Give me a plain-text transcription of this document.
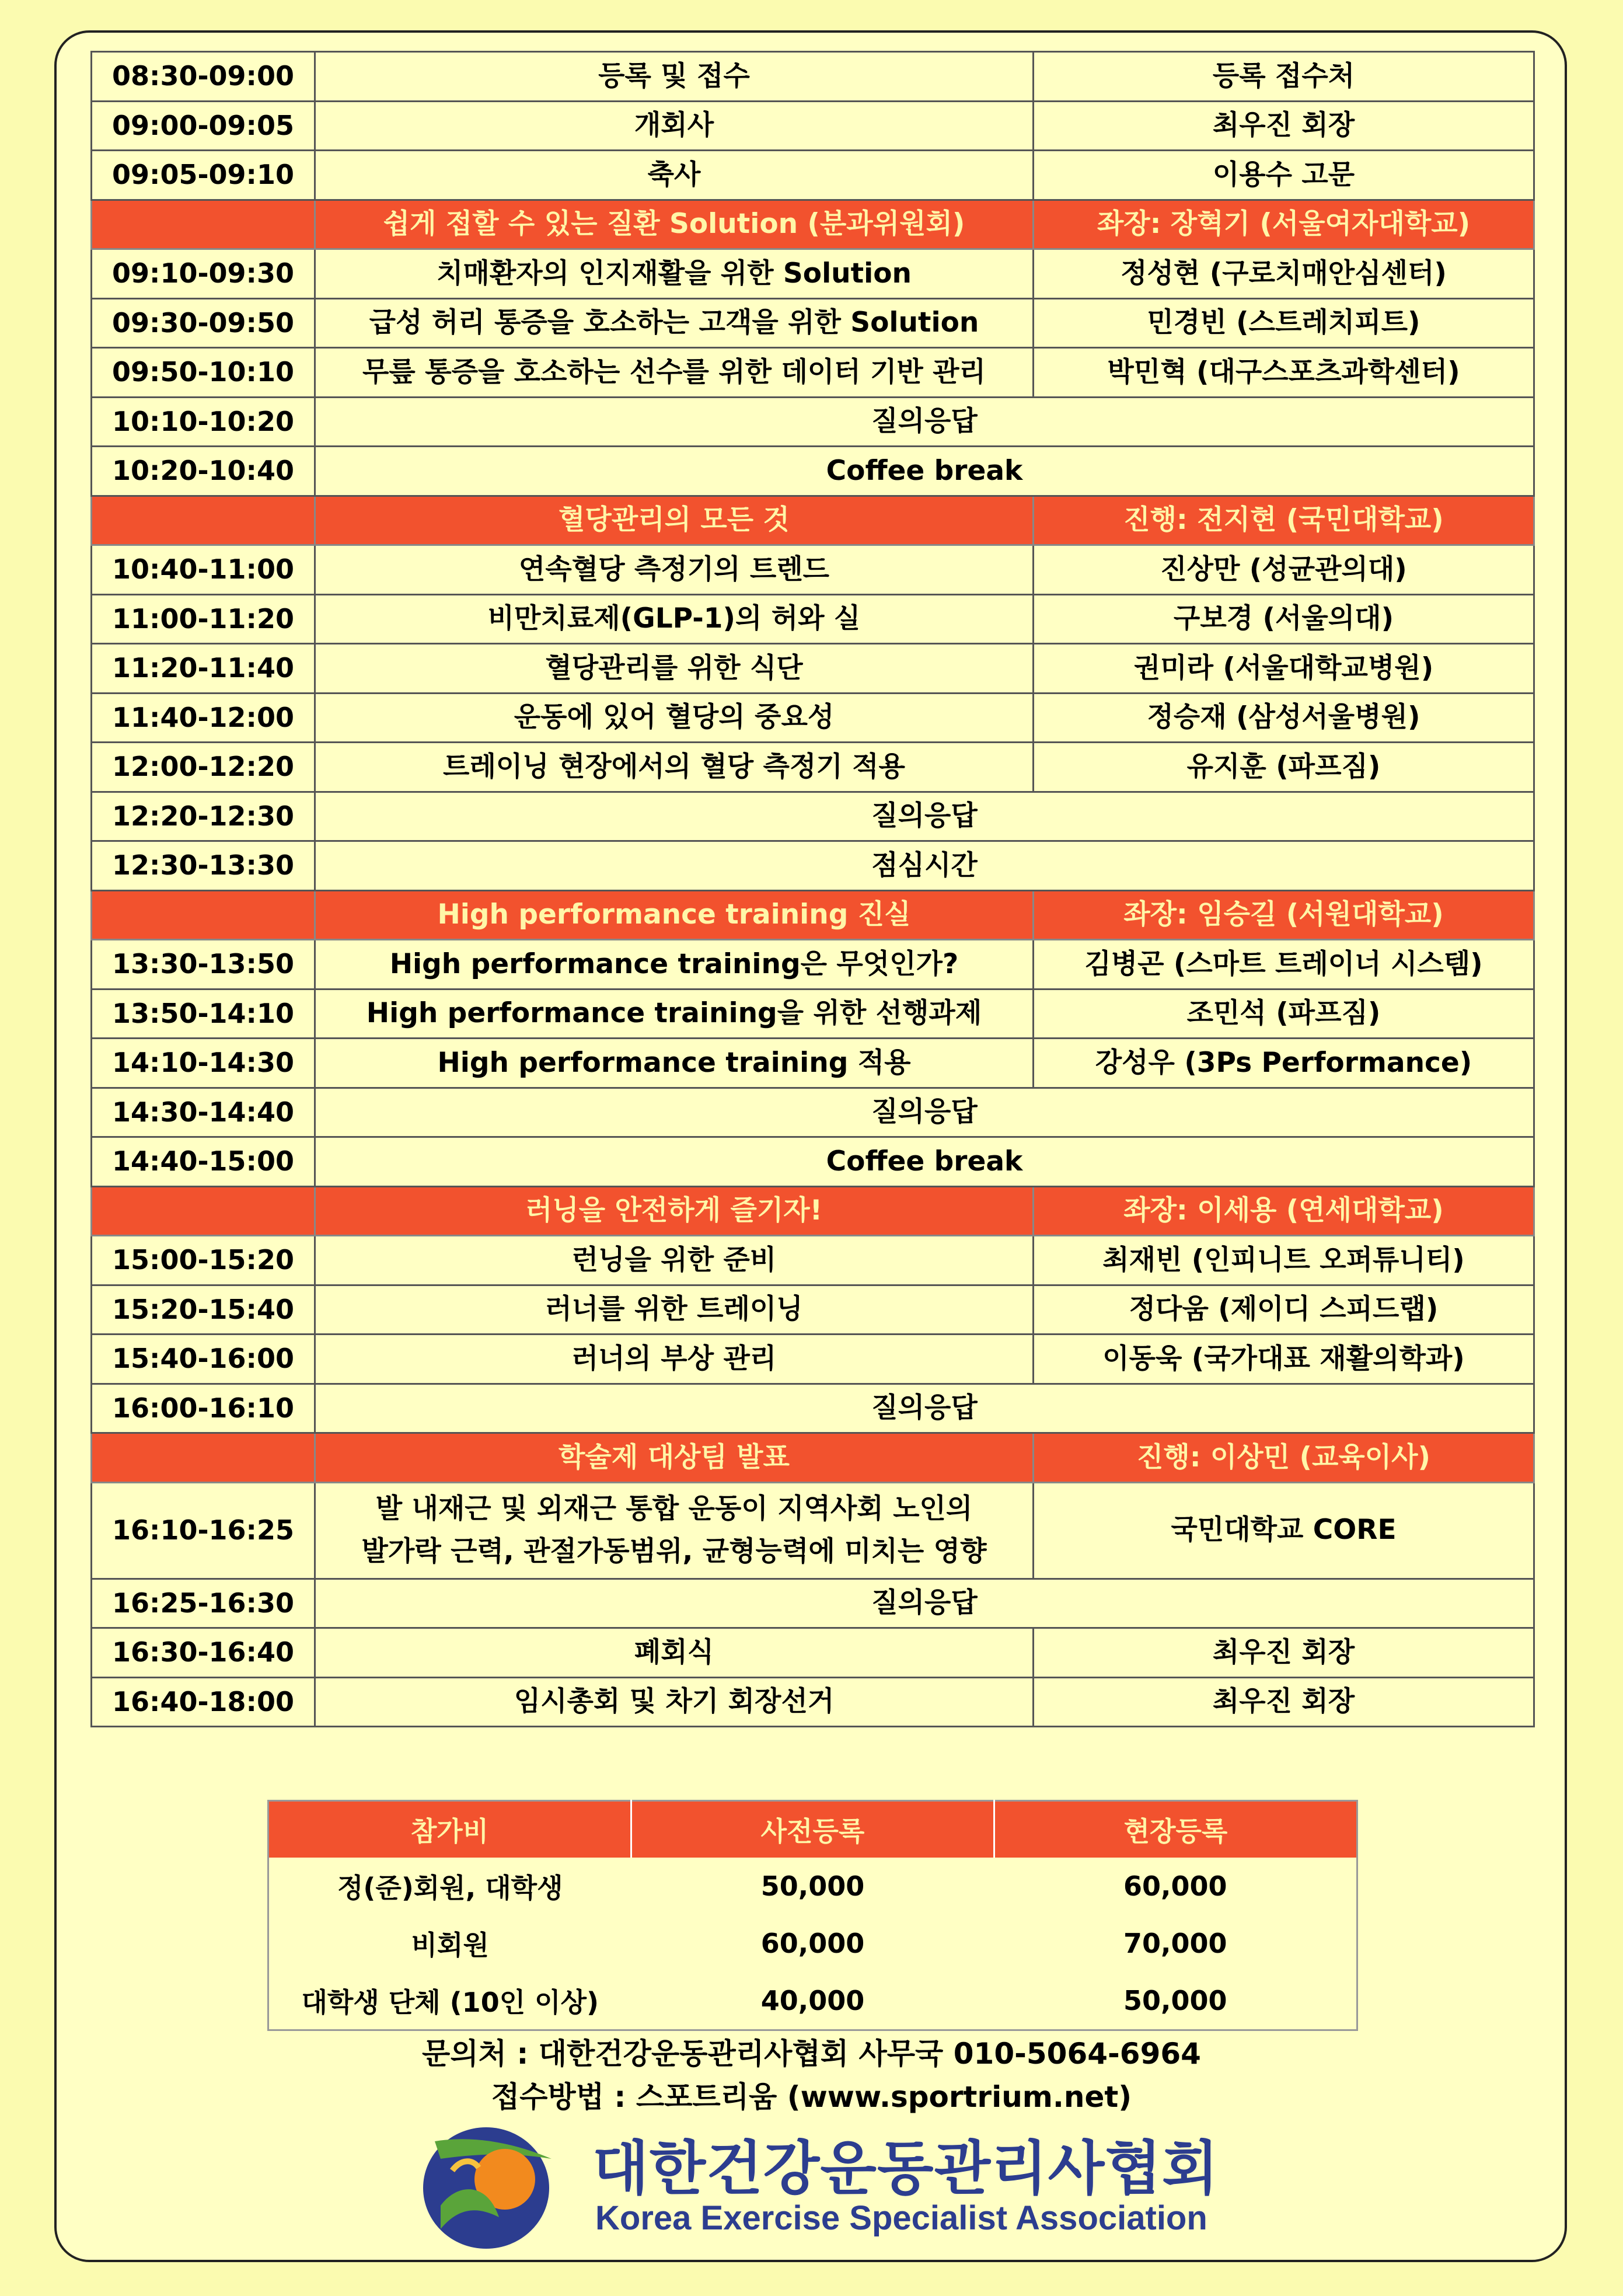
08:30-09:00	등록 및 접수	등록 접수처
09:00-09:05	개회사	최우진 회장
09:05-09:10	축사	이용수 고문
	쉽게 접할 수 있는 질환 Solution (분과위원회)	좌장: 장혁기 (서울여자대학교)
09:10-09:30	치매환자의 인지재활을 위한 Solution	정성현 (구로치매안심센터)
09:30-09:50	급성 허리 통증을 호소하는 고객을 위한 Solution	민경빈 (스트레치피트)
09:50-10:10	무릎 통증을 호소하는 선수를 위한 데이터 기반 관리	박민혁 (대구스포츠과학센터)
10:10-10:20	질의응답	
10:20-10:40	Coffee break	
	혈당관리의 모든 것	진행: 전지현 (국민대학교)
10:40-11:00	연속혈당 측정기의 트렌드	진상만 (성균관의대)
11:00-11:20	비만치료제(GLP-1)의 허와 실	구보경 (서울의대)
11:20-11:40	혈당관리를 위한 식단	권미라 (서울대학교병원)
11:40-12:00	운동에 있어 혈당의 중요성	정승재 (삼성서울병원)
12:00-12:20	트레이닝 현장에서의 혈당 측정기 적용	유지훈 (파프짐)
12:20-12:30	질의응답	
12:30-13:30	점심시간	
	High performance training 진실	좌장: 임승길 (서원대학교)
13:30-13:50	High performance training은 무엇인가?	김병곤 (스마트 트레이너 시스템)
13:50-14:10	High performance training을 위한 선행과제	조민석 (파프짐)
14:10-14:30	High performance training 적용	강성우 (3Ps Performance)
14:30-14:40	질의응답	
14:40-15:00	Coffee break	
	러닝을 안전하게 즐기자!	좌장: 이세용 (연세대학교)
15:00-15:20	런닝을 위한 준비	최재빈 (인피니트 오퍼튜니티)
15:20-15:40	러너를 위한 트레이닝	정다움 (제이디 스피드랩)
15:40-16:00	러너의 부상 관리	이동욱 (국가대표 재활의학과)
16:00-16:10	질의응답	
	학술제 대상팀 발표	진행: 이상민 (교육이사)
16:10-16:25	발 내재근 및 외재근 통합 운동이 지역사회 노인의
발가락 근력, 관절가동범위, 균형능력에 미치는 영향	국민대학교 CORE
16:25-16:30	질의응답	
16:30-16:40	폐회식	최우진 회장
16:40-18:00	임시총회 및 차기 회장선거	최우진 회장
참가비	사전등록	현장등록
정(준)회원, 대학생	50,000	60,000
비회원	60,000	70,000
대학생 단체 (10인 이상)	40,000	50,000
문의처 : 대한건강운동관리사협회 사무국 010-5064-6964
접수방법 : 스포트리움 (www.sportrium.net)
대한건강운동관리사협회
Korea Exercise Specialist Association
